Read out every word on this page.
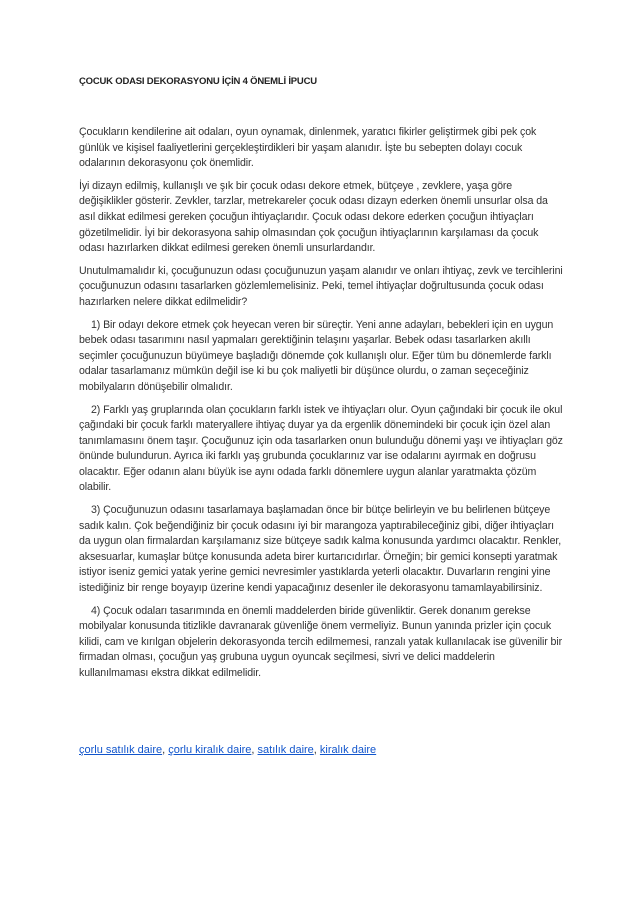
ÇOCUK ODASI DEKORASYONU İÇİN 4 ÖNEMLİ İPUCU

Çocukların kendilerine ait odaları, oyun oynamak, dinlenmek, yaratıcı fikirler geliştirmek gibi pek çok günlük ve kişisel faaliyetlerini gerçekleştirdikleri bir yaşam alanıdır. İşte bu sebepten dolayı cocuk odalarının dekorasyonu çok önemlidir.

İyi dizayn edilmiş, kullanışlı ve şık bir çocuk odası dekore etmek, bütçeye , zevklere, yaşa göre değişiklikler gösterir. Zevkler, tarzlar, metrekareler çocuk odası dizayn ederken önemli unsurlar olsa da asıl dikkat edilmesi gereken çocuğun ihtiyaçlarıdır. Çocuk odası dekore ederken çocuğun ihtiyaçları gözetilmelidir. İyi bir dekorasyona sahip olmasından çok çocuğun ihtiyaçlarının karşılaması da çocuk odası hazırlarken dikkat edilmesi gereken önemli unsurlardandır.

Unutulmamalıdır ki, çocuğunuzun odası çocuğunuzun yaşam alanıdır ve onları ihtiyaç, zevk ve tercihlerini çocuğunuzun odasını tasarlarken gözlemlemelisiniz. Peki, temel ihtiyaçlar doğrultusunda çocuk odası hazırlarken nelere dikkat edilmelidir?

1) Bir odayı dekore etmek çok heyecan veren bir süreçtir. Yeni anne adayları, bebekleri için en uygun bebek odası tasarımını nasıl yapmaları gerektiğinin telaşını yaşarlar. Bebek odası tasarlarken akıllı seçimler çocuğunuzun büyümeye başladığı dönemde çok kullanışlı olur. Eğer tüm bu dönemlerde farklı odalar tasarlamanız mümkün değil ise ki bu çok maliyetli bir düşünce olurdu, o zaman seçeceğiniz mobilyaların dönüşebilir olmalıdır.

2) Farklı yaş gruplarında olan çocukların farklı istek ve ihtiyaçları olur. Oyun çağındaki bir çocuk ile okul çağındaki bir çocuk farklı materyallere ihtiyaç duyar ya da ergenlik dönemindeki bir çocuk için özel alan tanımlamasını önem taşır. Çocuğunuz için oda tasarlarken onun bulunduğu dönemi yaşı ve ihtiyaçları göz önünde bulundurun. Ayrıca iki farklı yaş grubunda çocuklarınız var ise odalarını ayırmak en doğrusu olacaktır. Eğer odanın alanı büyük ise aynı odada farklı dönemlere uygun alanlar yaratmakta çözüm olabilir.

3) Çocuğunuzun odasını tasarlamaya başlamadan önce bir bütçe belirleyin ve bu belirlenen bütçeye sadık kalın. Çok beğendiğiniz bir çocuk odasını iyi bir marangoza yaptırabileceğiniz gibi, diğer ihtiyaçları da uygun olan firmalardan karşılamanız size bütçeye sadık kalma konusunda yardımcı olacaktır. Renkler, aksesuarlar, kumaşlar bütçe konusunda adeta birer kurtarıcıdırlar. Örneğin; bir gemici konsepti yaratmak istiyor iseniz gemici yatak yerine gemici nevresimler yastıklarda yeterli olacaktır. Duvarların rengini yine istediğiniz bir renge boyayıp üzerine kendi yapacağınız desenler ile dekorasyonu tamamlayabilirsiniz.

4) Çocuk odaları tasarımında en önemli maddelerden biride güvenliktir. Gerek donanım gerekse mobilyalar konusunda titizlikle davranarak güvenliğe önem vermeliyiz. Bunun yanında prizler için çocuk kilidi, cam ve kırılgan objelerin dekorasyonda tercih edilmemesi, ranzalı yatak kullanılacak ise güvenilir bir firmadan olması, çocuğun yaş grubuna uygun oyuncak seçilmesi, sivri ve delici maddelerin kullanılmaması ekstra dikkat edilmelidir.

çorlu satılık daire, çorlu kiralık daire, satılık daire, kiralık daire
